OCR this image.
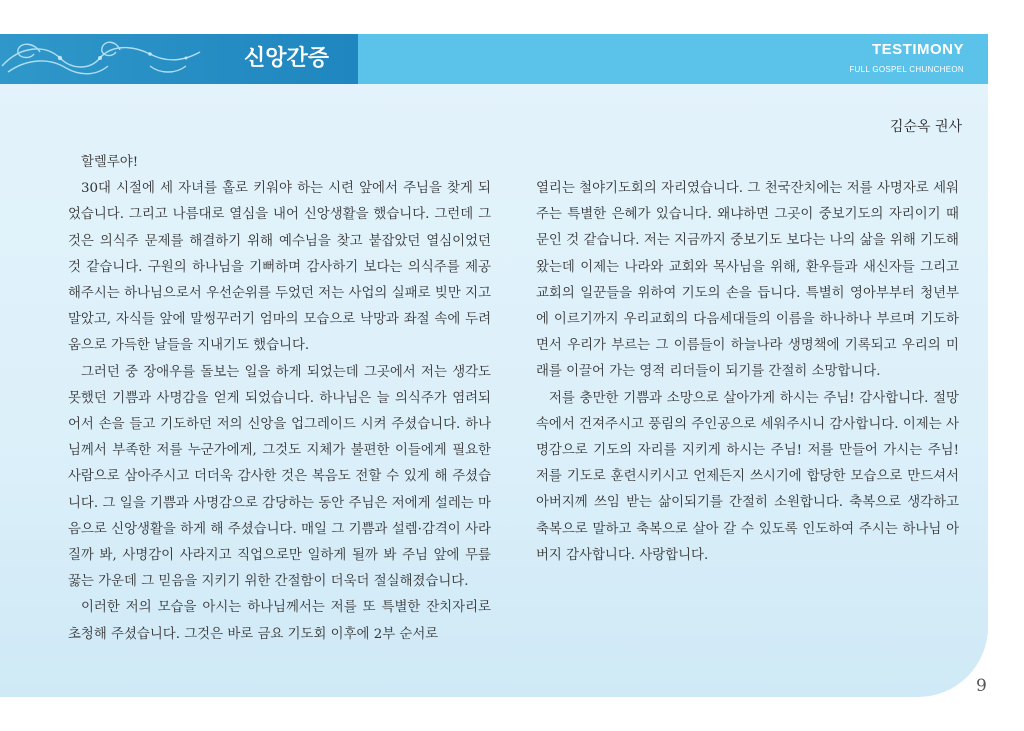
신앙간증	TESTIMONY
FULL GOSPEL CHUNCHEON
김순옥 권사

할렐루야!

30대 시절에 세 자녀를 홀로 키워야 하는 시련 앞에서 주님을 찾게 되었습니다. 그리고 나름대로 열심을 내어 신앙생활을 했습니다. 그런데 그것은 의식주 문제를 해결하기 위해 예수님을 찾고 붙잡았던 열심이었던 것 같습니다. 구원의 하나님을 기뻐하며 감사하기 보다는 의식주를 제공해주시는 하나님으로서 우선순위를 두었던 저는 사업의 실패로 빚만 지고 말았고, 자식들 앞에 말썽꾸러기 엄마의 모습으로 낙망과 좌절 속에 두려움으로 가득한 날들을 지내기도 했습니다.

그러던 중 장애우를 돌보는 일을 하게 되었는데 그곳에서 저는 생각도 못했던 기쁨과 사명감을 얻게 되었습니다. 하나님은 늘 의식주가 염려되어서 손을 들고 기도하던 저의 신앙을 업그레이드 시켜 주셨습니다. 하나님께서 부족한 저를 누군가에게, 그것도 지체가 불편한 이들에게 필요한 사람으로 삼아주시고 더더욱 감사한 것은 복음도 전할 수 있게 해 주셨습니다. 그 일을 기쁨과 사명감으로 감당하는 동안 주님은 저에게 설레는 마음으로 신앙생활을 하게 해 주셨습니다. 매일 그 기쁨과 설렘·감격이 사라질까 봐, 사명감이 사라지고 직업으로만 일하게 될까 봐 주님 앞에 무릎 꿇는 가운데 그 믿음을 지키기 위한 간절함이 더욱더 절실해졌습니다.

이러한 저의 모습을 아시는 하나님께서는 저를 또 특별한 잔치자리로 초청해 주셨습니다. 그것은 바로 금요 기도회 이후에 2부 순서로

열리는 철야기도회의 자리였습니다. 그 천국잔치에는 저를 사명자로 세워주는 특별한 은혜가 있습니다. 왜냐하면 그곳이 중보기도의 자리이기 때문인 것 같습니다. 저는 지금까지 중보기도 보다는 나의 삶을 위해 기도해 왔는데 이제는 나라와 교회와 목사님을 위해, 환우들과 새신자들 그리고 교회의 일꾼들을 위하여 기도의 손을 듭니다. 특별히 영아부부터 청년부에 이르기까지 우리교회의 다음세대들의 이름을 하나하나 부르며 기도하면서 우리가 부르는 그 이름들이 하늘나라 생명책에 기록되고 우리의 미래를 이끌어 가는 영적 리더들이 되기를 간절히 소망합니다.

저를 충만한 기쁨과 소망으로 살아가게 하시는 주님! 감사합니다. 절망 속에서 건져주시고 풍림의 주인공으로 세워주시니 감사합니다. 이제는 사명감으로 기도의 자리를 지키게 하시는 주님! 저를 만들어 가시는 주님! 저를 기도로 훈련시키시고 언제든지 쓰시기에 합당한 모습으로 만드셔서 아버지께 쓰임 받는 삶이되기를 간절히 소원합니다. 축복으로 생각하고 축복으로 말하고 축복으로 살아 갈 수 있도록 인도하여 주시는 하나님 아버지 감사합니다. 사랑합니다.

9
